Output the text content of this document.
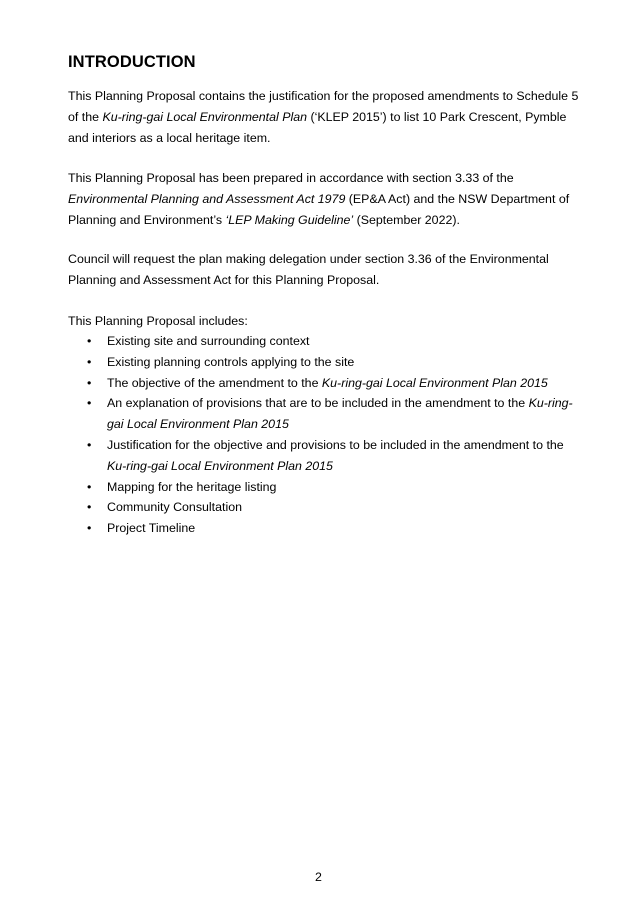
INTRODUCTION

This Planning Proposal contains the justification for the proposed amendments to Schedule 5 of the Ku-ring-gai Local Environmental Plan (‘KLEP 2015’) to list 10 Park Crescent, Pymble and interiors as a local heritage item.

This Planning Proposal has been prepared in accordance with section 3.33 of the Environmental Planning and Assessment Act 1979 (EP&A Act) and the NSW Department of Planning and Environment’s ‘LEP Making Guideline’ (September 2022).

Council will request the plan making delegation under section 3.36 of the Environmental Planning and Assessment Act for this Planning Proposal.

This Planning Proposal includes:

• Existing site and surrounding context
• Existing planning controls applying to the site
• The objective of the amendment to the Ku-ring-gai Local Environment Plan 2015
• An explanation of provisions that are to be included in the amendment to the Ku-ring-gai Local Environment Plan 2015
• Justification for the objective and provisions to be included in the amendment to the Ku-ring-gai Local Environment Plan 2015
• Mapping for the heritage listing
• Community Consultation
• Project Timeline

2
